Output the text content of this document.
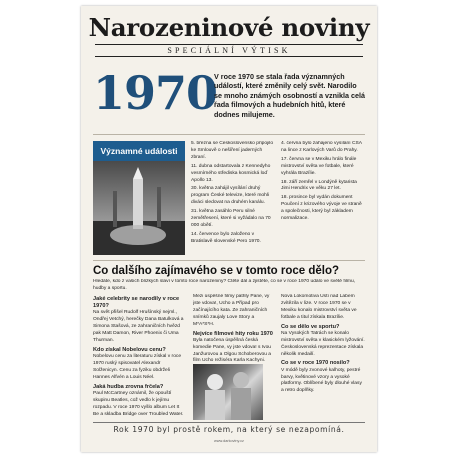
Narozeninové noviny
SPECIÁLNÍ VÝTISK
1970
V roce 1970 se stala řada významných událostí, které změnily celý svět. Narodilo se mnoho známých osobností a vznikla celá řada filmových a hudebních hitů, které dodnes milujeme.
Významné události

5. března se Československo připojilo ke Smlouvě o nešíření jaderných zbraní.

11. dubna odstartovala z Kennedyho vesmírného střediska kosmická loď Apollo 13.

30. května zahájil vysílání druhý program České televize, které mohli diváci sledovat na druhém kanálu.

31. května zasáhlo Peru silné zemětřesení, které si vyžádalo na 70 000 obětí.

14. července bylo založeno v Bratislavě slovenské Pero 1970.

4. června bylo zahájeno vysílání ČSA na lince z Karlových Varů do Prahy.

17. června se v Mexiku hrálo finále mistrovství světa ve fotbale, které vyhrála Brazílie.

18. září zemřel v Londýně kytarista Jimi Hendrix ve věku 27 let.

18. prosince byl vydán dokument Poučení z krizového vývoje ve straně a společnosti, který byl základem normalizace.

Co dalšího zajímavého se v tomto roce dělo?

Hledáte, kdo z vašich blízkých slaví v tomto roce narozeniny? Čtěte dál a zjistěte, co se v roce 1970 událo ve světě filmu, hudby a sportu.

Jaké celebrity se narodily v roce 1970?

Na svět přišel Rudolf Hrušínský nejml., Ondřej Vetchý, herečky Dana Batulková a Simona Stašová, ze zahraničních hvězd pak Matt Damon, River Phoenix či Uma Thurman.

Kdo získal Nobelovu cenu?

Nobelovu cenu za literaturu získal v roce 1970 ruský spisovatel Alexandr Solženicyn. Cenu za fyziku obdrželi Hannes Alfvén a Louis Néel.

Jaká hudba zrovna frčela?

Paul McCartney oznámil, že opouští skupinu Beatles, což vedlo k jejímu rozpadu. V roce 1970 vyšlo album Let It Be a skladba Bridge over Troubled Water.

Mezi úspěšné filmy patřily Pane, vy jste vdova!, Ucho a Případ pro začínajícího kata. Ze zahraničních snímků zaujaly Love Story a M*A*S*H.

Nejvíce filmové hity roku 1970

Byla natočena úspěšná česká komedie Pane, vy jste vdova! s Ivou Janžurovou a Olgou Schoberovou a film Ucho režiséra Karla Kachyni.

Nová Lokomotiva Ústí nad Labem zvítězila v lize. V roce 1970 se v Mexiku konalo mistrovství světa ve fotbale a titul získala Brazílie.

Co se dělo ve sportu?

Na Vysokých Tatrách se konalo mistrovství světa v klasickém lyžování. Československá reprezentace získala několik medailí.

Co se v roce 1970 nosilo?

V módě byly zvonové kalhoty, pestré barvy, květinové vzory a vysoké platformy. Oblíbené byly dlouhé vlasy a retro doplňky.

Rok 1970 byl prostě rokem, na který se nezapomíná.
www.darkoviny.cz
